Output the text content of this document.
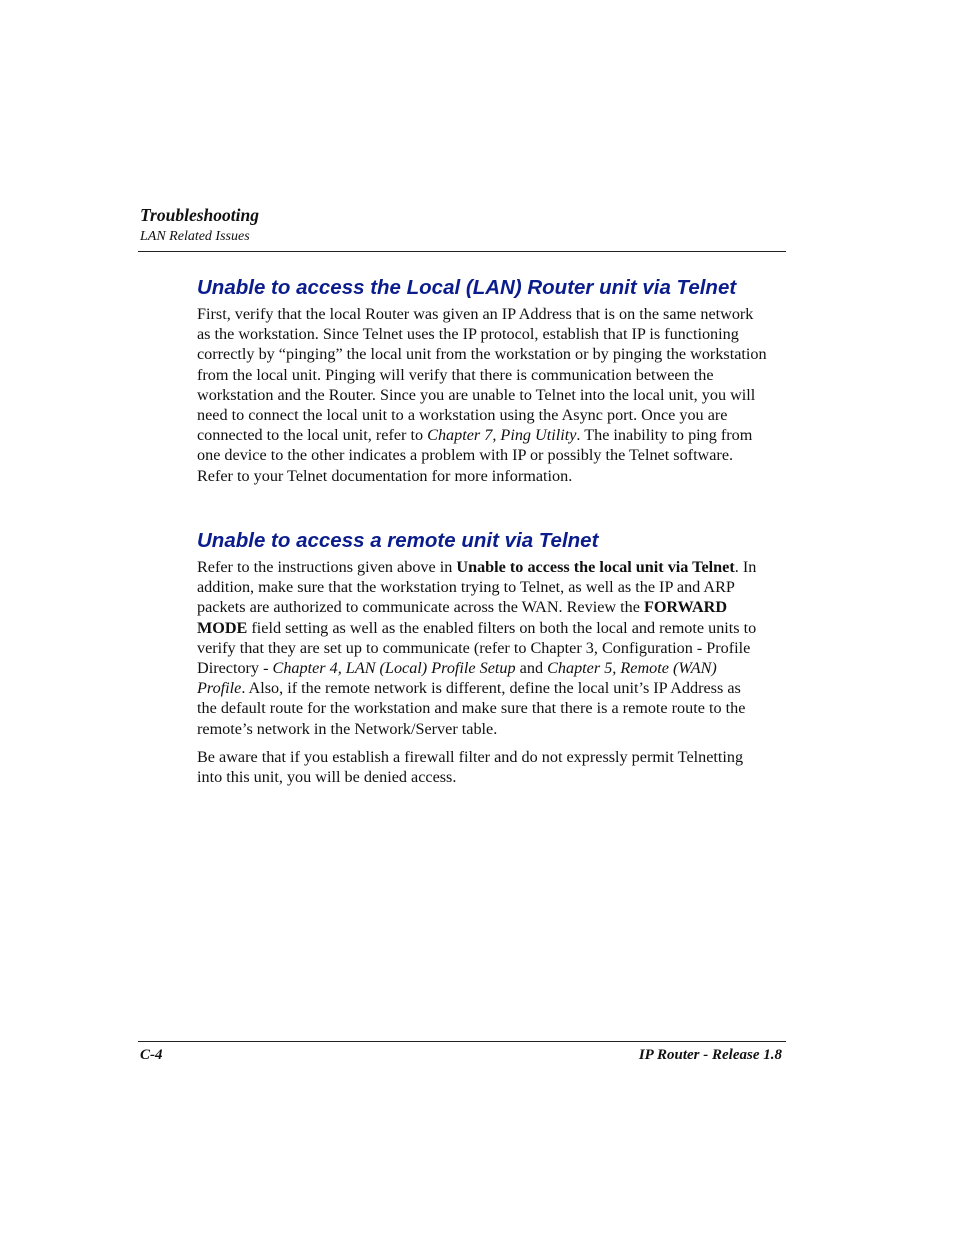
Troubleshooting
LAN Related Issues
Unable to access the Local (LAN) Router unit via Telnet

First, verify that the local Router was given an IP Address that is on the same network
as the workstation. Since Telnet uses the IP protocol, establish that IP is functioning
correctly by “pinging” the local unit from the workstation or by pinging the workstation
from the local unit. Pinging will verify that there is communication between the
workstation and the Router. Since you are unable to Telnet into the local unit, you will
need to connect the local unit to a workstation using the Async port. Once you are
connected to the local unit, refer to Chapter 7, Ping Utility. The inability to ping from
one device to the other indicates a problem with IP or possibly the Telnet software.
Refer to your Telnet documentation for more information.

Unable to access a remote unit via Telnet

Refer to the instructions given above in Unable to access the local unit via Telnet. In
addition, make sure that the workstation trying to Telnet, as well as the IP and ARP
packets are authorized to communicate across the WAN. Review the FORWARD
MODE field setting as well as the enabled filters on both the local and remote units to
verify that they are set up to communicate (refer to Chapter 3, Configuration - Profile
Directory - Chapter 4, LAN (Local) Profile Setup and Chapter 5, Remote (WAN)
Profile. Also, if the remote network is different, define the local unit’s IP Address as
the default route for the workstation and make sure that there is a remote route to the
remote’s network in the Network/Server table.

Be aware that if you establish a firewall filter and do not expressly permit Telnetting
into this unit, you will be denied access.

C-4	IP Router - Release 1.8
